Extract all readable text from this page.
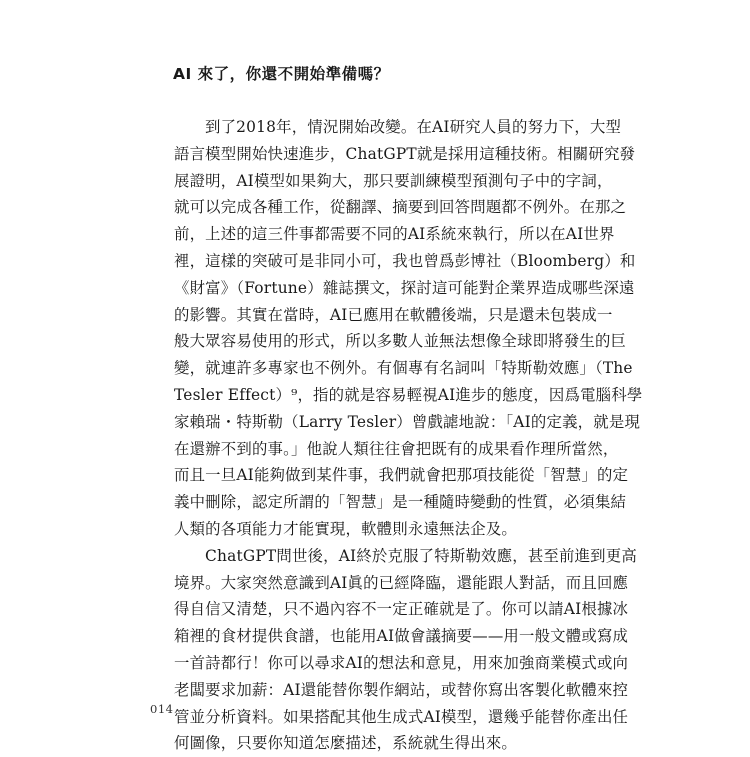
AI 來了，你還不開始準備嗎？

到了2018年，情況開始改變。在AI研究人員的努力下，大型

語言模型開始快速進步，ChatGPT就是採用這種技術。相關研究發

展證明，AI模型如果夠大，那只要訓練模型預測句子中的字詞，

就可以完成各種工作，從翻譯、摘要到回答問題都不例外。在那之

前，上述的這三件事都需要不同的AI系統來執行，所以在AI世界

裡，這樣的突破可是非同小可，我也曾爲彭博社（Bloomberg）和

《財富》（Fortune）雜誌撰文，探討這可能對企業界造成哪些深遠

的影響。其實在當時，AI已應用在軟體後端，只是還未包裝成一

般大眾容易使用的形式，所以多數人並無法想像全球即將發生的巨

變，就連許多專家也不例外。有個專有名詞叫「特斯勒效應」（The

Tesler Effect）⁹，指的就是容易輕視AI進步的態度，因爲電腦科學

家賴瑞・特斯勒（Larry Tesler）曾戲謔地說：「AI的定義，就是現

在還辦不到的事。」他說人類往往會把既有的成果看作理所當然，

而且一旦AI能夠做到某件事，我們就會把那項技能從「智慧」的定

義中刪除，認定所謂的「智慧」是一種隨時變動的性質，必須集結

人類的各項能力才能實現，軟體則永遠無法企及。

ChatGPT問世後，AI終於克服了特斯勒效應，甚至前進到更高

境界。大家突然意識到AI眞的已經降臨，還能跟人對話，而且回應

得自信又清楚，只不過內容不一定正確就是了。你可以請AI根據冰

箱裡的食材提供食譜，也能用AI做會議摘要——用一般文體或寫成

一首詩都行！你可以尋求AI的想法和意見，用來加強商業模式或向

老闆要求加薪：AI還能替你製作網站，或替你寫出客製化軟體來控

管並分析資料。如果搭配其他生成式AI模型，還幾乎能替你產出任

何圖像，只要你知道怎麼描述，系統就生得出來。

014
